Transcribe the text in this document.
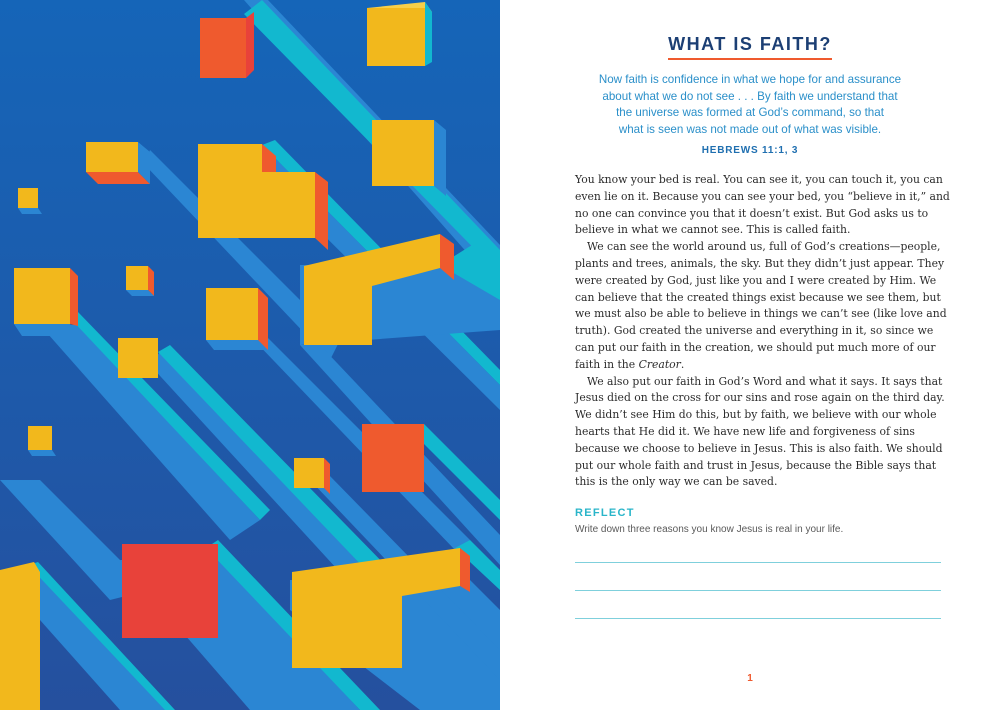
WHAT IS FAITH?

Now faith is confidence in what we hope for and assurance
about what we do not see . . . By faith we understand that
the universe was formed at God’s command, so that
what is seen was not made out of what was visible.

HEBREWS 11:1, 3
You know your bed is real. You can see it, you can touch it, you can
even lie on it. Because you can see your bed, you “believe in it,” and
no one can convince you that it doesn’t exist. But God asks us to
believe in what we cannot see. This is called faith.
We can see the world around us, full of God’s creations—people,
plants and trees, animals, the sky. But they didn’t just appear. They
were created by God, just like you and I were created by Him. We
can believe that the created things exist because we see them, but
we must also be able to believe in things we can’t see (like love and
truth). God created the universe and everything in it, so since we
can put our faith in the creation, we should put much more of our
faith in the Creator.
We also put our faith in God’s Word and what it says. It says that
Jesus died on the cross for our sins and rose again on the third day.
We didn’t see Him do this, but by faith, we believe with our whole
hearts that He did it. We have new life and forgiveness of sins
because we choose to believe in Jesus. This is also faith. We should
put our whole faith and trust in Jesus, because the Bible says that
this is the only way we can be saved.
REFLECT
Write down three reasons you know Jesus is real in your life.
1
